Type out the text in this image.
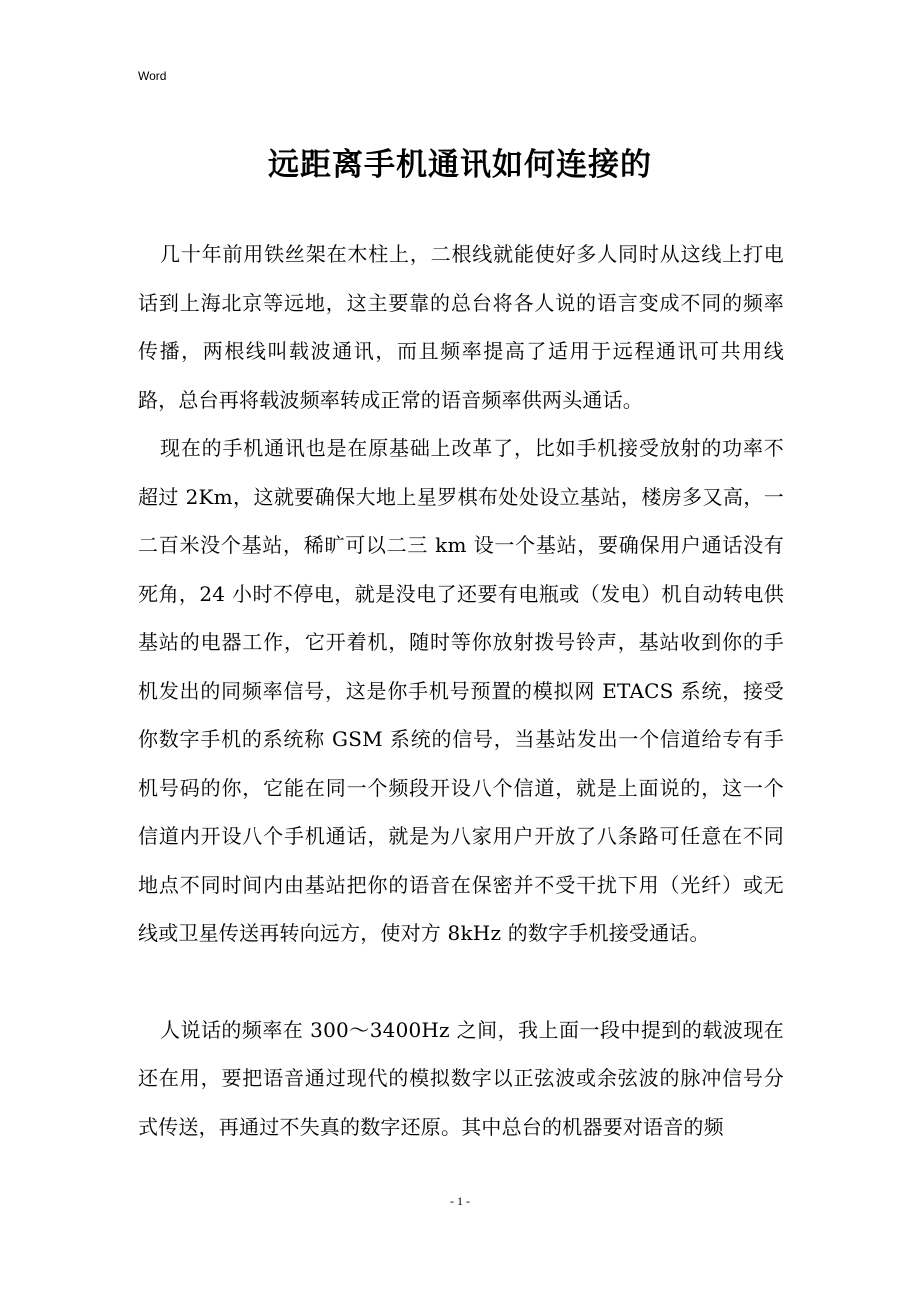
Word
远距离手机通讯如何连接的

几十年前用铁丝架在木柱上，二根线就能使好多人同时从这线上打电话到上海北京等远地，这主要靠的总台将各人说的语言变成不同的频率传播，两根线叫载波通讯，而且频率提高了适用于远程通讯可共用线路，总台再将载波频率转成正常的语音频率供两头通话。

现在的手机通讯也是在原基础上改革了，比如手机接受放射的功率不超过 2Km，这就要确保大地上星罗棋布处处设立基站，楼房多又高，一二百米没个基站，稀旷可以二三 km 设一个基站，要确保用户通话没有死角，24 小时不停电，就是没电了还要有电瓶或（发电）机自动转电供基站的电器工作，它开着机，随时等你放射拨号铃声，基站收到你的手机发出的同频率信号，这是你手机号预置的模拟网 ETACS 系统，接受你数字手机的系统称 GSM 系统的信号，当基站发出一个信道给专有手机号码的你，它能在同一个频段开设八个信道，就是上面说的，这一个信道内开设八个手机通话，就是为八家用户开放了八条路可任意在不同地点不同时间内由基站把你的语音在保密并不受干扰下用（光纤）或无线或卫星传送再转向远方，使对方 8kHz 的数字手机接受通话。

人说话的频率在 300～3400Hz 之间，我上面一段中提到的载波现在还在用，要把语音通过现代的模拟数字以正弦波或余弦波的脉冲信号分式传送，再通过不失真的数字还原。其中总台的机器要对语音的频

- 1 -
